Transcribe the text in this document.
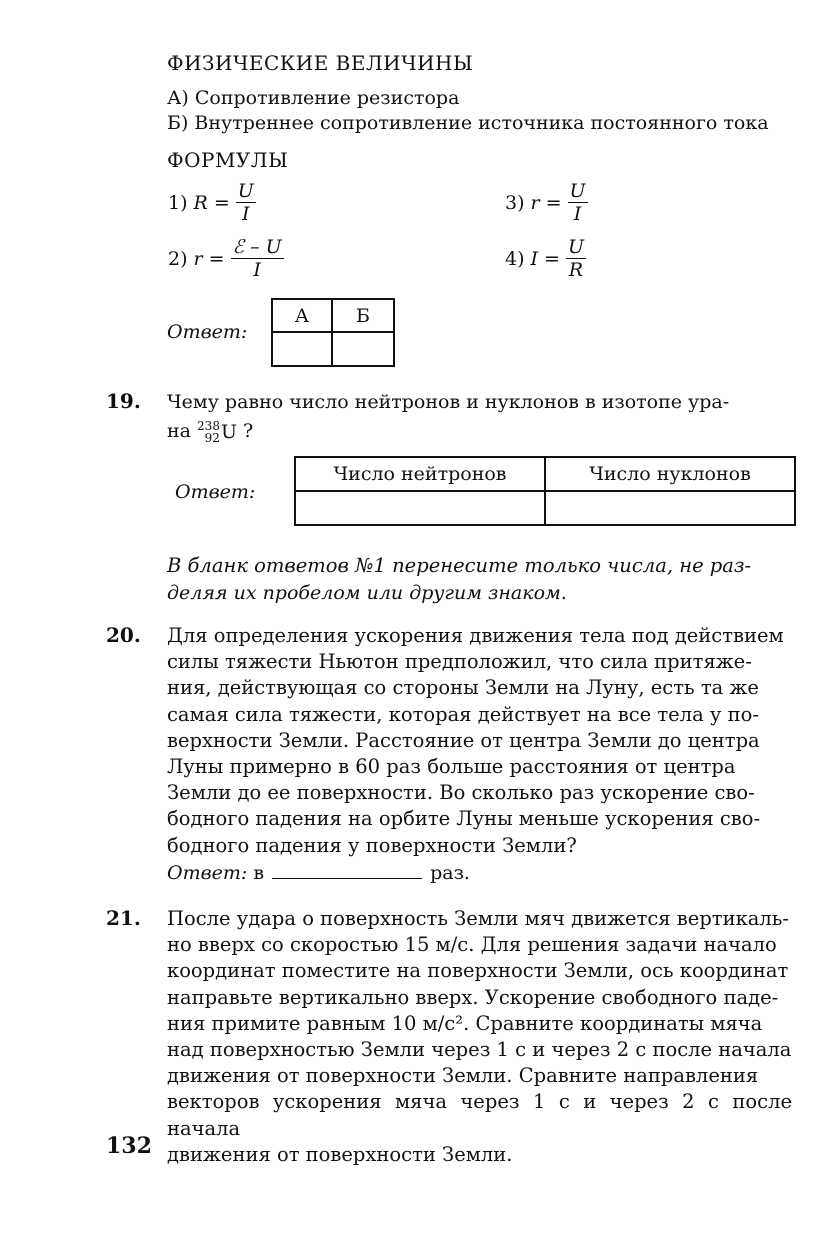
ФИЗИЧЕСКИЕ ВЕЛИЧИНЫ
А) Сопротивление резистора
Б) Внутреннее сопротивление источника постоянного тока
ФОРМУЛЫ
1) $R = \frac{U}{I}$
2) $r = \frac{\text{ℰ – U}}{I}$
3) $r = \frac{U}{I}$
4) $I = \frac{U}{R}$
Ответ:
А	Б

19. Чему равно число нейтронов и нуклонов в изотопе ура-
на 238
92 U ?
Ответ:
Число нейтронов	Число нуклонов

В бланк ответов №1 перенесите только числа, не раз-
деляя их пробелом или другим знаком.
20. Для определения ускорения движения тела под действием
силы тяжести Ньютон предположил, что сила притяже-
ния, действующая со стороны Земли на Луну, есть та же
самая сила тяжести, которая действует на все тела у по-
верхности Земли. Расстояние от центра Земли до центра
Луны примерно в 60 раз больше расстояния от центра
Земли до ее поверхности. Во сколько раз ускорение сво-
бодного падения на орбите Луны меньше ускорения сво-
бодного падения у поверхности Земли?
Ответ: в	раз.
21. После удара о поверхность Земли мяч движется вертикаль-
но вверх со скоростью 15 м/с. Для решения задачи начало
координат поместите на поверхности Земли, ось координат
направьте вертикально вверх. Ускорение свободного паде-
ния примите равным 10 м/с². Сравните координаты мяча
над поверхностью Земли через 1 с и через 2 с после начала
движения от поверхности Земли. Сравните направления
векторов ускорения мяча через 1 с и через 2 с после начала
движения от поверхности Земли.
132
